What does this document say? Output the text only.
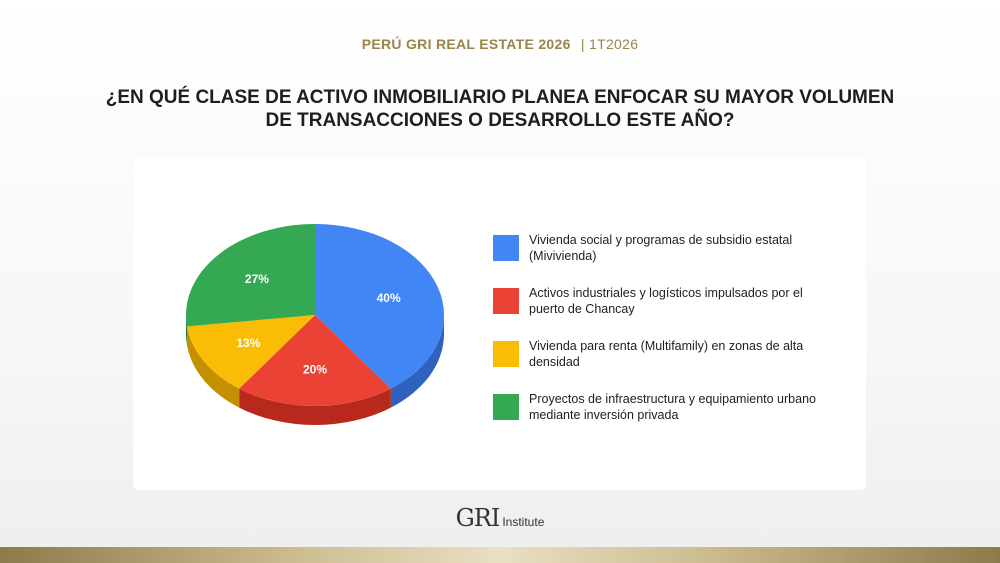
PERÚ GRI REAL ESTATE 2026 | 1T2026
¿EN QUÉ CLASE DE ACTIVO INMOBILIARIO PLANEA ENFOCAR SU MAYOR VOLUMEN DE TRANSACCIONES O DESARROLLO ESTE AÑO?
40%
20%
13%
27%
Vivienda social y programas de subsidio estatal (Mivivienda)
Activos industriales y logísticos impulsados por el puerto de Chancay
Vivienda para renta (Multifamily) en zonas de alta densidad
Proyectos de infraestructura y equipamiento urbano mediante inversión privada
GRI Institute
